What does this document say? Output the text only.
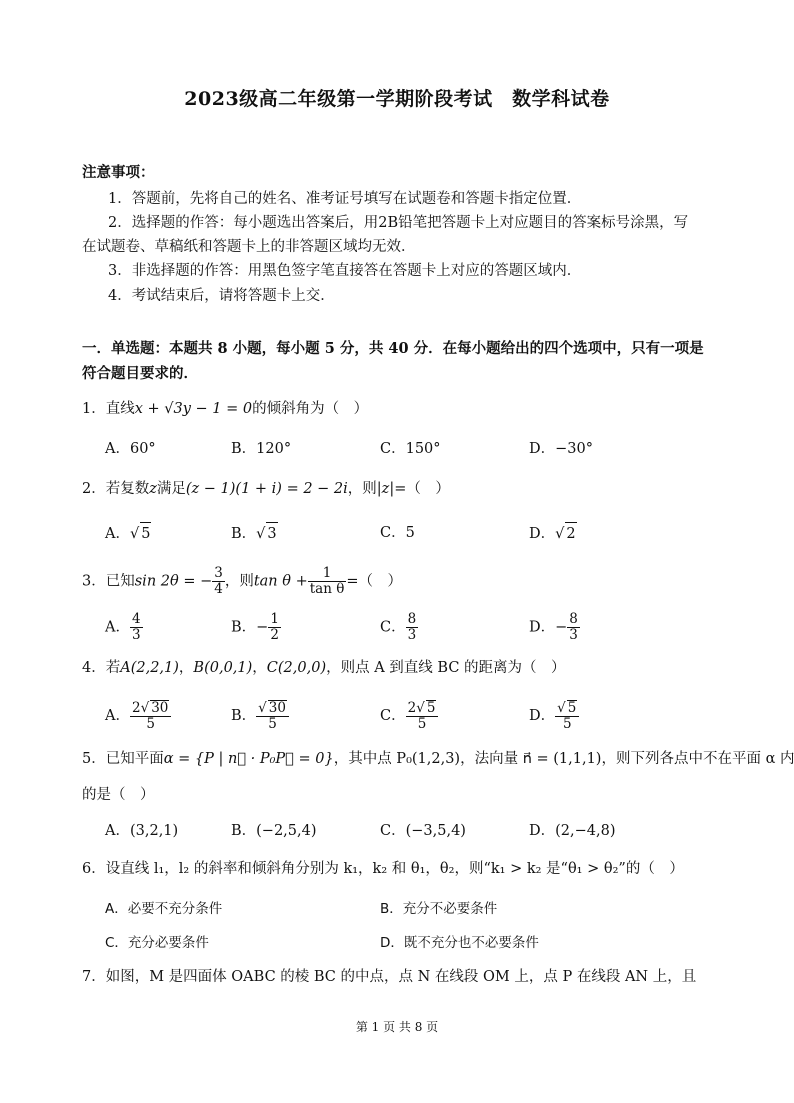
2023级高二年级第一学期阶段考试　数学科试卷
注意事项：
1．答题前，先将自己的姓名、准考证号填写在试题卷和答题卡指定位置．
2．选择题的作答：每小题选出答案后，用2B铅笔把答题卡上对应题目的答案标号涂黑，写
在试题卷、草稿纸和答题卡上的非答题区域均无效．
3．非选择题的作答：用黑色签字笔直接答在答题卡上对应的答题区域内．
4．考试结束后，请将答题卡上交．
一．单选题：本题共 8 小题，每小题 5 分，共 40 分．在每小题给出的四个选项中，只有一项是
符合题目要求的．
1．直线x + √3y − 1 = 0的倾斜角为（　）
A．60°	B．120°	C．150°	D．−30°
2．若复数z满足(z − 1)(1 + i) = 2 − 2i，则|z|=（　）
A． √ 5	B． √ 3	C．5	D． √ 2
3．已知sin 2θ = − $\frac{3}{4}$ ，则$\tan \theta + \frac{1}{\text{tan θ}}$ =（　）
A． $\frac{4}{3}$	B．− $\frac{1}{2}$	C． $\frac{8}{3}$	D．− $\frac{8}{3}$
4．若A(2,2,1)，B(0,0,1)，C(2,0,0)，则点 A 到直线 BC 的距离为（　）
A． $\frac{2 √ 30}{5}$	B． √ $\frac{30}{5}$	C． $\frac{2 √ 5}{5}$	D． √ $\frac{5}{5}$
5．已知平面α = {P | n⃗ · P₀P⃗ = 0}，其中点 P₀(1,2,3)，法向量 n⃗ = (1,1,1)，则下列各点中不在平面 α 内
的是（　）
A．(3,2,1)	B．(−2,5,4)	C．(−3,5,4)	D．(2,−4,8)
6．设直线 l₁，l₂ 的斜率和倾斜角分别为 k₁，k₂ 和 θ₁，θ₂，则“k₁ > k₂ 是“θ₁ > θ₂”的（　）
A．必要不充分条件	B．充分不必要条件
C．充分必要条件	D．既不充分也不必要条件
7．如图，M 是四面体 OABC 的棱 BC 的中点，点 N 在线段 OM 上，点 P 在线段 AN 上，且
第 1 页 共 8 页
